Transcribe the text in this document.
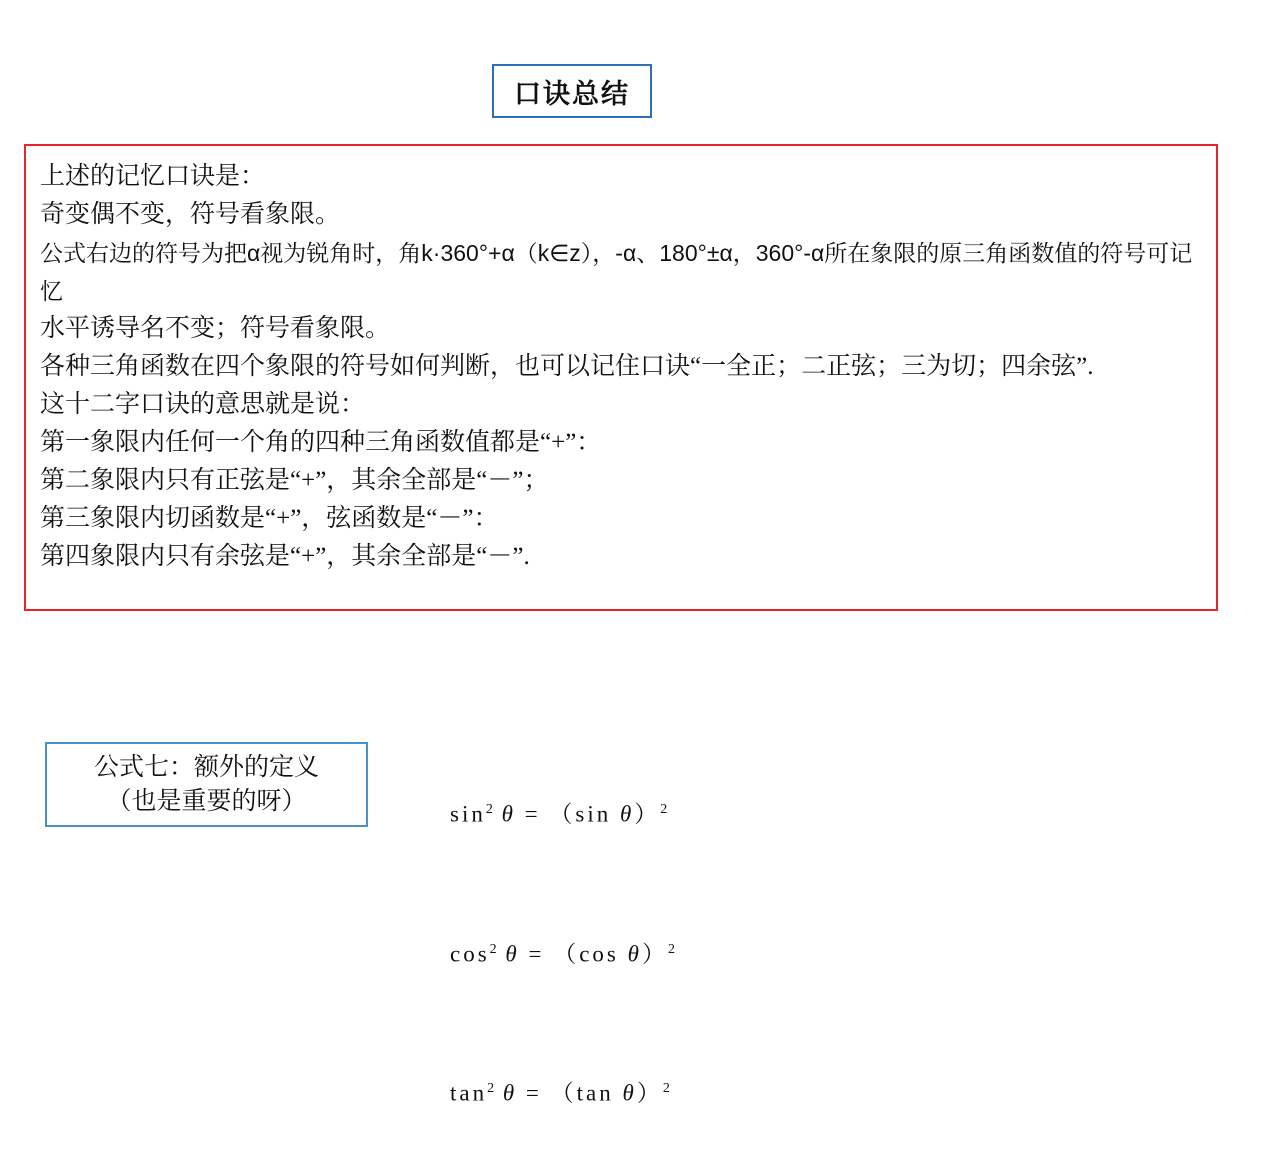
口诀总结
上述的记忆口诀是：
奇变偶不变，符号看象限。
公式右边的符号为把α视为锐角时，角k·360°+α（k∈z），-α、180°±α，360°-α所在象限的原三角函数值的符号可记忆
水平诱导名不变；符号看象限。
各种三角函数在四个象限的符号如何判断，也可以记住口诀“一全正；二正弦；三为切；四余弦”.
这十二字口诀的意思就是说：
第一象限内任何一个角的四种三角函数值都是“+”：
第二象限内只有正弦是“+”，其余全部是“－”；
第三象限内切函数是“+”，弦函数是“－”：
第四象限内只有余弦是“+”，其余全部是“－”.
公式七：额外的定义
（也是重要的呀）	$\sin^2 \theta = (\sin$ θ）$^2$

$\cos^2 \theta = (\cos$ θ）$^2$

$\tan^2 \theta = (\tan$ θ）$^2$
